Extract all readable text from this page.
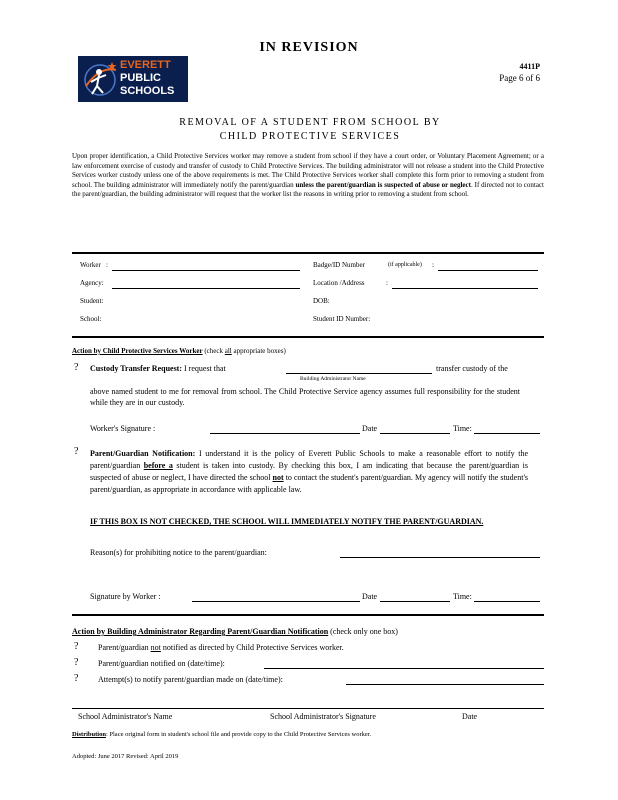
IN REVISION
EVERETT
PUBLIC
SCHOOLS
4411P
Page 6 of 6
REMOVAL OF A STUDENT FROM SCHOOL BY
CHILD PROTECTIVE SERVICES
Upon proper identification, a Child Protective Services worker may remove a student from school if they have a court order, or Voluntary Placement Agreement; or a law enforcement exercise of custody and transfer of custody to Child Protective Services. The building administrator will not release a student into the Child Protective Services worker custody unless one of the above requirements is met. The Child Protective Services worker shall complete this form prior to removing a student from school. The building administrator will immediately notify the parent/guardian unless the parent/guardian is suspected of abuse or neglect. If directed not to contact the parent/guardian, the building administrator will request that the worker list the reasons in writing prior to removing a student from school.
Worker :	Badge/ID Number	(if applicable) :
Agency:	Location /Address	:
Student:	DOB:
School:	Student ID Number:
Action by Child Protective Services Worker (check all appropriate boxes)
? Custody Transfer Request: I request that	transfer custody of the
Building Administrator Name
above named student to me for removal from school. The Child Protective Service agency assumes full responsibility for the student while they are in our custody.
Worker's Signature :	Date	Time:
? Parent/Guardian Notification: I understand it is the policy of Everett Public Schools to make a reasonable effort to notify the parent/guardian before a student is taken into custody. By checking this box, I am indicating that because the parent/guardian is suspected of abuse or neglect, I have directed the school not to contact the student's parent/guardian. My agency will notify the student's parent/guardian, as appropriate in accordance with applicable law.
IF THIS BOX IS NOT CHECKED, THE SCHOOL WILL IMMEDIATELY NOTIFY THE PARENT/GUARDIAN.
Reason(s) for prohibiting notice to the parent/guardian:
Signature by Worker :	Date	Time:
Action by Building Administrator Regarding Parent/Guardian Notification (check only one box)
? Parent/guardian not notified as directed by Child Protective Services worker.
? Parent/guardian notified on (date/time):
? Attempt(s) to notify parent/guardian made on (date/time):
School Administrator's Name	School Administrator's Signature	Date
Distribution: Place original form in student's school file and provide copy to the Child Protective Services worker.
Adopted: June 2017 Revised: April 2019
